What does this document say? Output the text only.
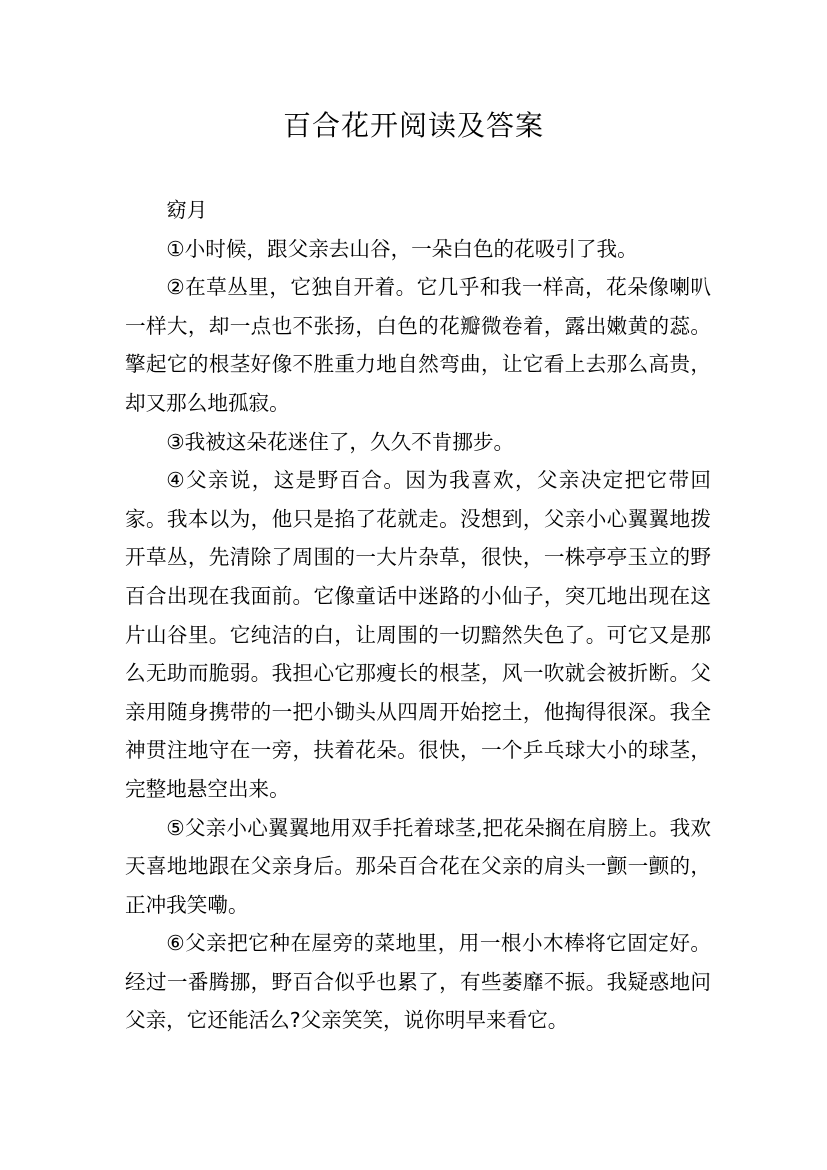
百合花开阅读及答案

窈月

①小时候，跟父亲去山谷，一朵白色的花吸引了我。

②在草丛里，它独自开着。它几乎和我一样高，花朵像喇叭一样大，却一点也不张扬，白色的花瓣微卷着，露出嫩黄的蕊。擎起它的根茎好像不胜重力地自然弯曲，让它看上去那么高贵，却又那么地孤寂。

③我被这朵花迷住了，久久不肯挪步。

④父亲说，这是野百合。因为我喜欢，父亲决定把它带回家。我本以为，他只是掐了花就走。没想到，父亲小心翼翼地拨开草丛，先清除了周围的一大片杂草，很快，一株亭亭玉立的野百合出现在我面前。它像童话中迷路的小仙子，突兀地出现在这片山谷里。它纯洁的白，让周围的一切黯然失色了。可它又是那么无助而脆弱。我担心它那瘦长的根茎，风一吹就会被折断。父亲用随身携带的一把小锄头从四周开始挖土，他掏得很深。我全神贯注地守在一旁，扶着花朵。很快，一个乒乓球大小的球茎，完整地悬空出来。

⑤父亲小心翼翼地用双手托着球茎,把花朵搁在肩膀上。我欢天喜地地跟在父亲身后。那朵百合花在父亲的肩头一颤一颤的，正冲我笑嘞。

⑥父亲把它种在屋旁的菜地里，用一根小木棒将它固定好。经过一番腾挪，野百合似乎也累了，有些萎靡不振。我疑惑地问父亲，它还能活么?父亲笑笑，说你明早来看它。
